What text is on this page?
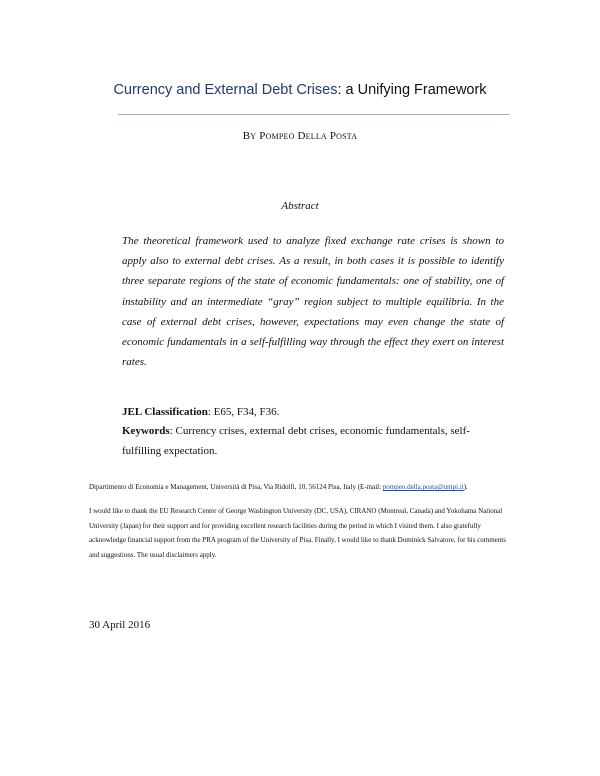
Currency and External Debt Crises: a Unifying Framework
By Pompeo Della Posta
Abstract

The theoretical framework used to analyze fixed exchange rate crises is shown to apply also to external debt crises. As a result, in both cases it is possible to identify three separate regions of the state of economic fundamentals: one of stability, one of instability and an intermediate “gray” region subject to multiple equilibria. In the case of external debt crises, however, expectations may even change the state of economic fundamentals in a self-fulfilling way through the effect they exert on interest rates.

JEL Classification: E65, F34, F36.
Keywords: Currency crises, external debt crises, economic fundamentals, self-fulfilling expectation.
Dipartimento di Economia e Management, Università di Pisa, Via Ridolfi, 10, 56124 Pisa, Italy (E-mail: pompeo.della.posta@unipi.it).
I would like to thank the EU Research Center of George Washington University (DC, USA), CIRANO (Montreal, Canada) and Yokohama National University (Japan) for their support and for providing excellent research facilities during the period in which I visited them. I also gratefully acknowledge financial support from the PRA program of the University of Pisa. Finally, I would like to thank Dominick Salvatore, for his comments and suggestions. The usual disclaimers apply.
30 April 2016
